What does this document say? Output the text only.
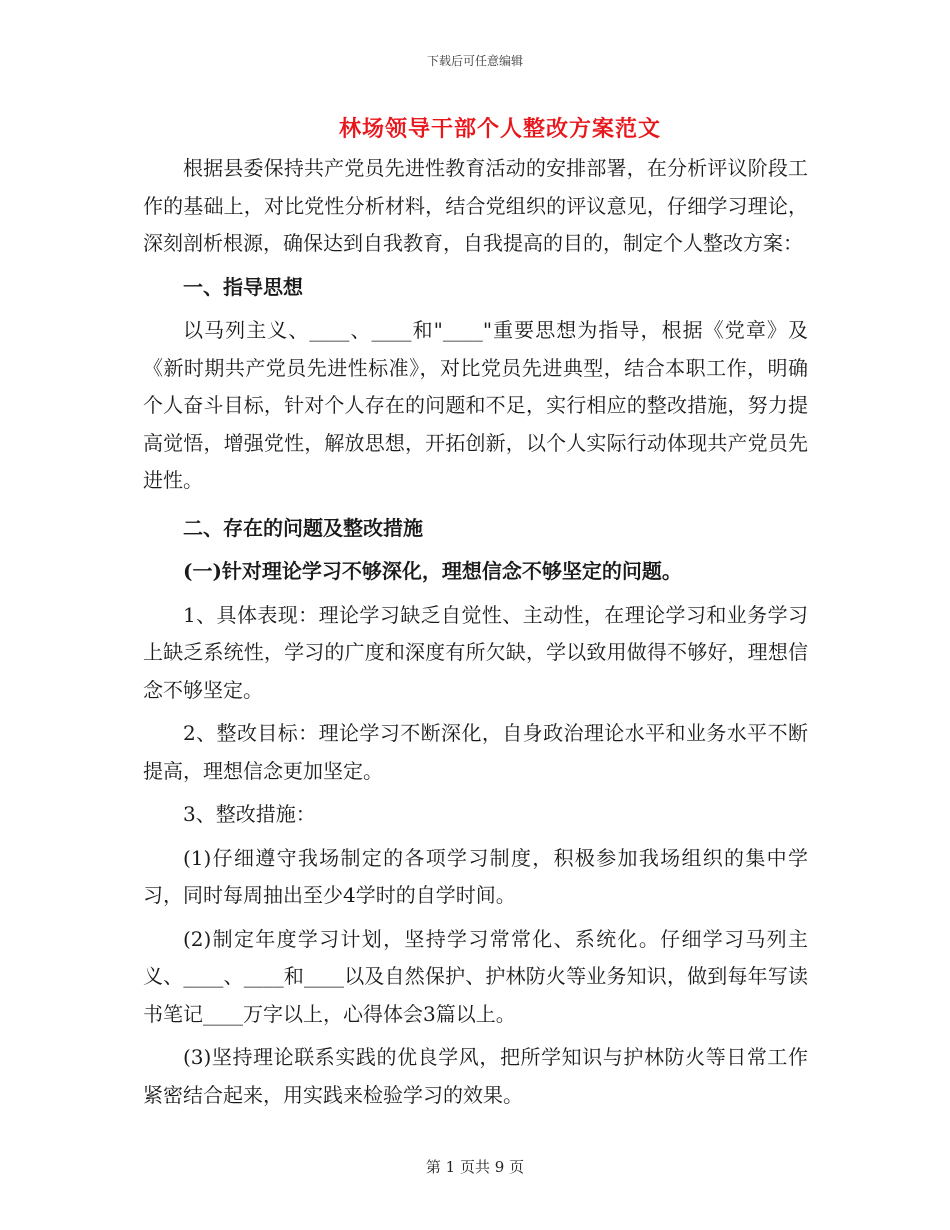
下载后可任意编辑
林场领导干部个人整改方案范文

根据县委保持共产党员先进性教育活动的安排部署，在分析评议阶段工作的基础上，对比党性分析材料，结合党组织的评议意见，仔细学习理论，深刻剖析根源，确保达到自我教育，自我提高的目的，制定个人整改方案：

一、指导思想

以马列主义、____、____和"____"重要思想为指导，根据《党章》及《新时期共产党员先进性标准》，对比党员先进典型，结合本职工作，明确个人奋斗目标，针对个人存在的问题和不足，实行相应的整改措施，努力提高觉悟，增强党性，解放思想，开拓创新，以个人实际行动体现共产党员先进性。

二、存在的问题及整改措施

(一)针对理论学习不够深化，理想信念不够坚定的问题。

1、具体表现：理论学习缺乏自觉性、主动性，在理论学习和业务学习上缺乏系统性，学习的广度和深度有所欠缺，学以致用做得不够好，理想信念不够坚定。

2、整改目标：理论学习不断深化，自身政治理论水平和业务水平不断提高，理想信念更加坚定。

3、整改措施：

(1)仔细遵守我场制定的各项学习制度，积极参加我场组织的集中学习，同时每周抽出至少4学时的自学时间。

(2)制定年度学习计划，坚持学习常常化、系统化。仔细学习马列主义、____、____和____以及自然保护、护林防火等业务知识，做到每年写读书笔记____万字以上，心得体会3篇以上。

(3)坚持理论联系实践的优良学风，把所学知识与护林防火等日常工作紧密结合起来，用实践来检验学习的效果。

第 1 页共 9 页
